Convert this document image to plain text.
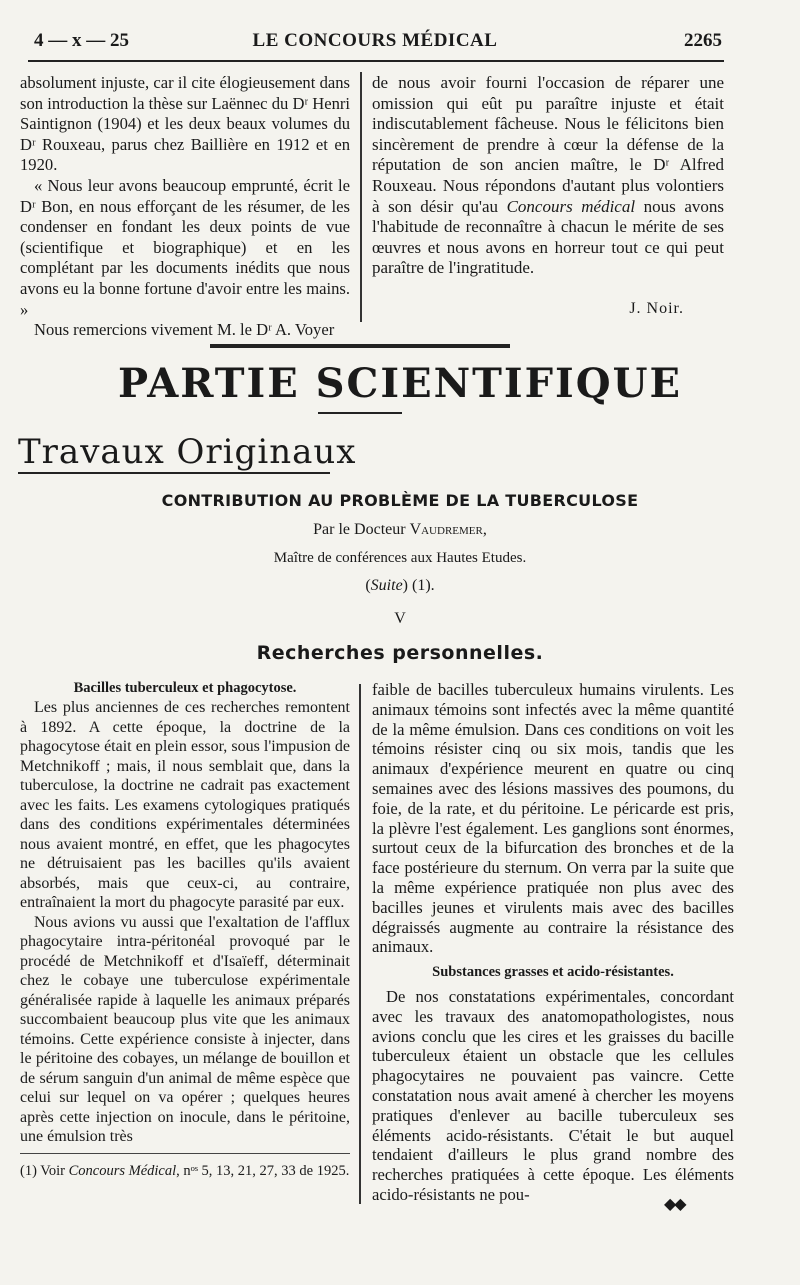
4 — x — 25	LE CONCOURS MÉDICAL	2265

absolument injuste, car il cite élogieusement dans son introduction la thèse sur Laënnec du Dʳ Henri Saintignon (1904) et les deux beaux volumes du Dʳ Rouxeau, parus chez Baillière en 1912 et en 1920.

« Nous leur avons beaucoup emprunté, écrit le Dʳ Bon, en nous efforçant de les résumer, de les condenser en fondant les deux points de vue (scientifique et biographique) et en les complétant par les documents inédits que nous avons eu la bonne fortune d'avoir entre les mains. »

Nous remercions vivement M. le Dʳ A. Voyer

de nous avoir fourni l'occasion de réparer une omission qui eût pu paraître injuste et était indiscutablement fâcheuse. Nous le félicitons bien sincèrement de prendre à cœur la défense de la réputation de son ancien maître, le Dʳ Alfred Rouxeau. Nous répondons d'autant plus volontiers à son désir qu'au Concours médical nous avons l'habitude de reconnaître à chacun le mérite de ses œuvres et nous avons en horreur tout ce qui peut paraître de l'ingratitude.

J. Noir.
PARTIE SCIENTIFIQUE
Travaux Originaux
CONTRIBUTION AU PROBLÈME DE LA TUBERCULOSE
Par le Docteur Vaudremer,
Maître de conférences aux Hautes Etudes.
(Suite) (1).
V
Recherches personnelles.
Bacilles tuberculeux et phagocytose.

Les plus anciennes de ces recherches remontent à 1892. A cette époque, la doctrine de la phagocytose était en plein essor, sous l'impusion de Metchnikoff ; mais, il nous semblait que, dans la tuberculose, la doctrine ne cadrait pas exactement avec les faits. Les examens cytologiques pratiqués dans des conditions expérimentales déterminées nous avaient montré, en effet, que les phagocytes ne détruisaient pas les bacilles qu'ils avaient absorbés, mais que ceux-ci, au contraire, entraînaient la mort du phagocyte parasité par eux.

Nous avions vu aussi que l'exaltation de l'afflux phagocytaire intra-péritonéal provoqué par le procédé de Metchnikoff et d'Isaïeff, déterminait chez le cobaye une tuberculose expérimentale généralisée rapide à laquelle les animaux préparés succombaient beaucoup plus vite que les animaux témoins. Cette expérience consiste à injecter, dans le péritoine des cobayes, un mélange de bouillon et de sérum sanguin d'un animal de même espèce que celui sur lequel on va opérer ; quelques heures après cette injection on inocule, dans le péritoine, une émulsion très

faible de bacilles tuberculeux humains virulents. Les animaux témoins sont infectés avec la même quantité de la même émulsion. Dans ces conditions on voit les témoins résister cinq ou six mois, tandis que les animaux d'expérience meurent en quatre ou cinq semaines avec des lésions massives des poumons, du foie, de la rate, et du péritoine. Le péricarde est pris, la plèvre l'est également. Les ganglions sont énormes, surtout ceux de la bifurcation des bronches et de la face postérieure du sternum. On verra par la suite que la même expérience pratiquée non plus avec des bacilles jeunes et virulents mais avec des bacilles dégraissés augmente au contraire la résistance des animaux.

Substances grasses et acido-résistantes.

De nos constatations expérimentales, concordant avec les travaux des anatomopathologistes, nous avions conclu que les cires et les graisses du bacille tuberculeux étaient un obstacle que les cellules phagocytaires ne pouvaient pas vaincre. Cette constatation nous avait amené à chercher les moyens pratiques d'enlever au bacille tuberculeux ses éléments acido-résistants. C'était le but auquel tendaient d'ailleurs le plus grand nombre des recherches pratiquées à cette époque. Les éléments acido-résistants ne pou-

(1) Voir Concours Médical, nᵒˢ 5, 13, 21, 27, 33 de 1925.
◆◆
